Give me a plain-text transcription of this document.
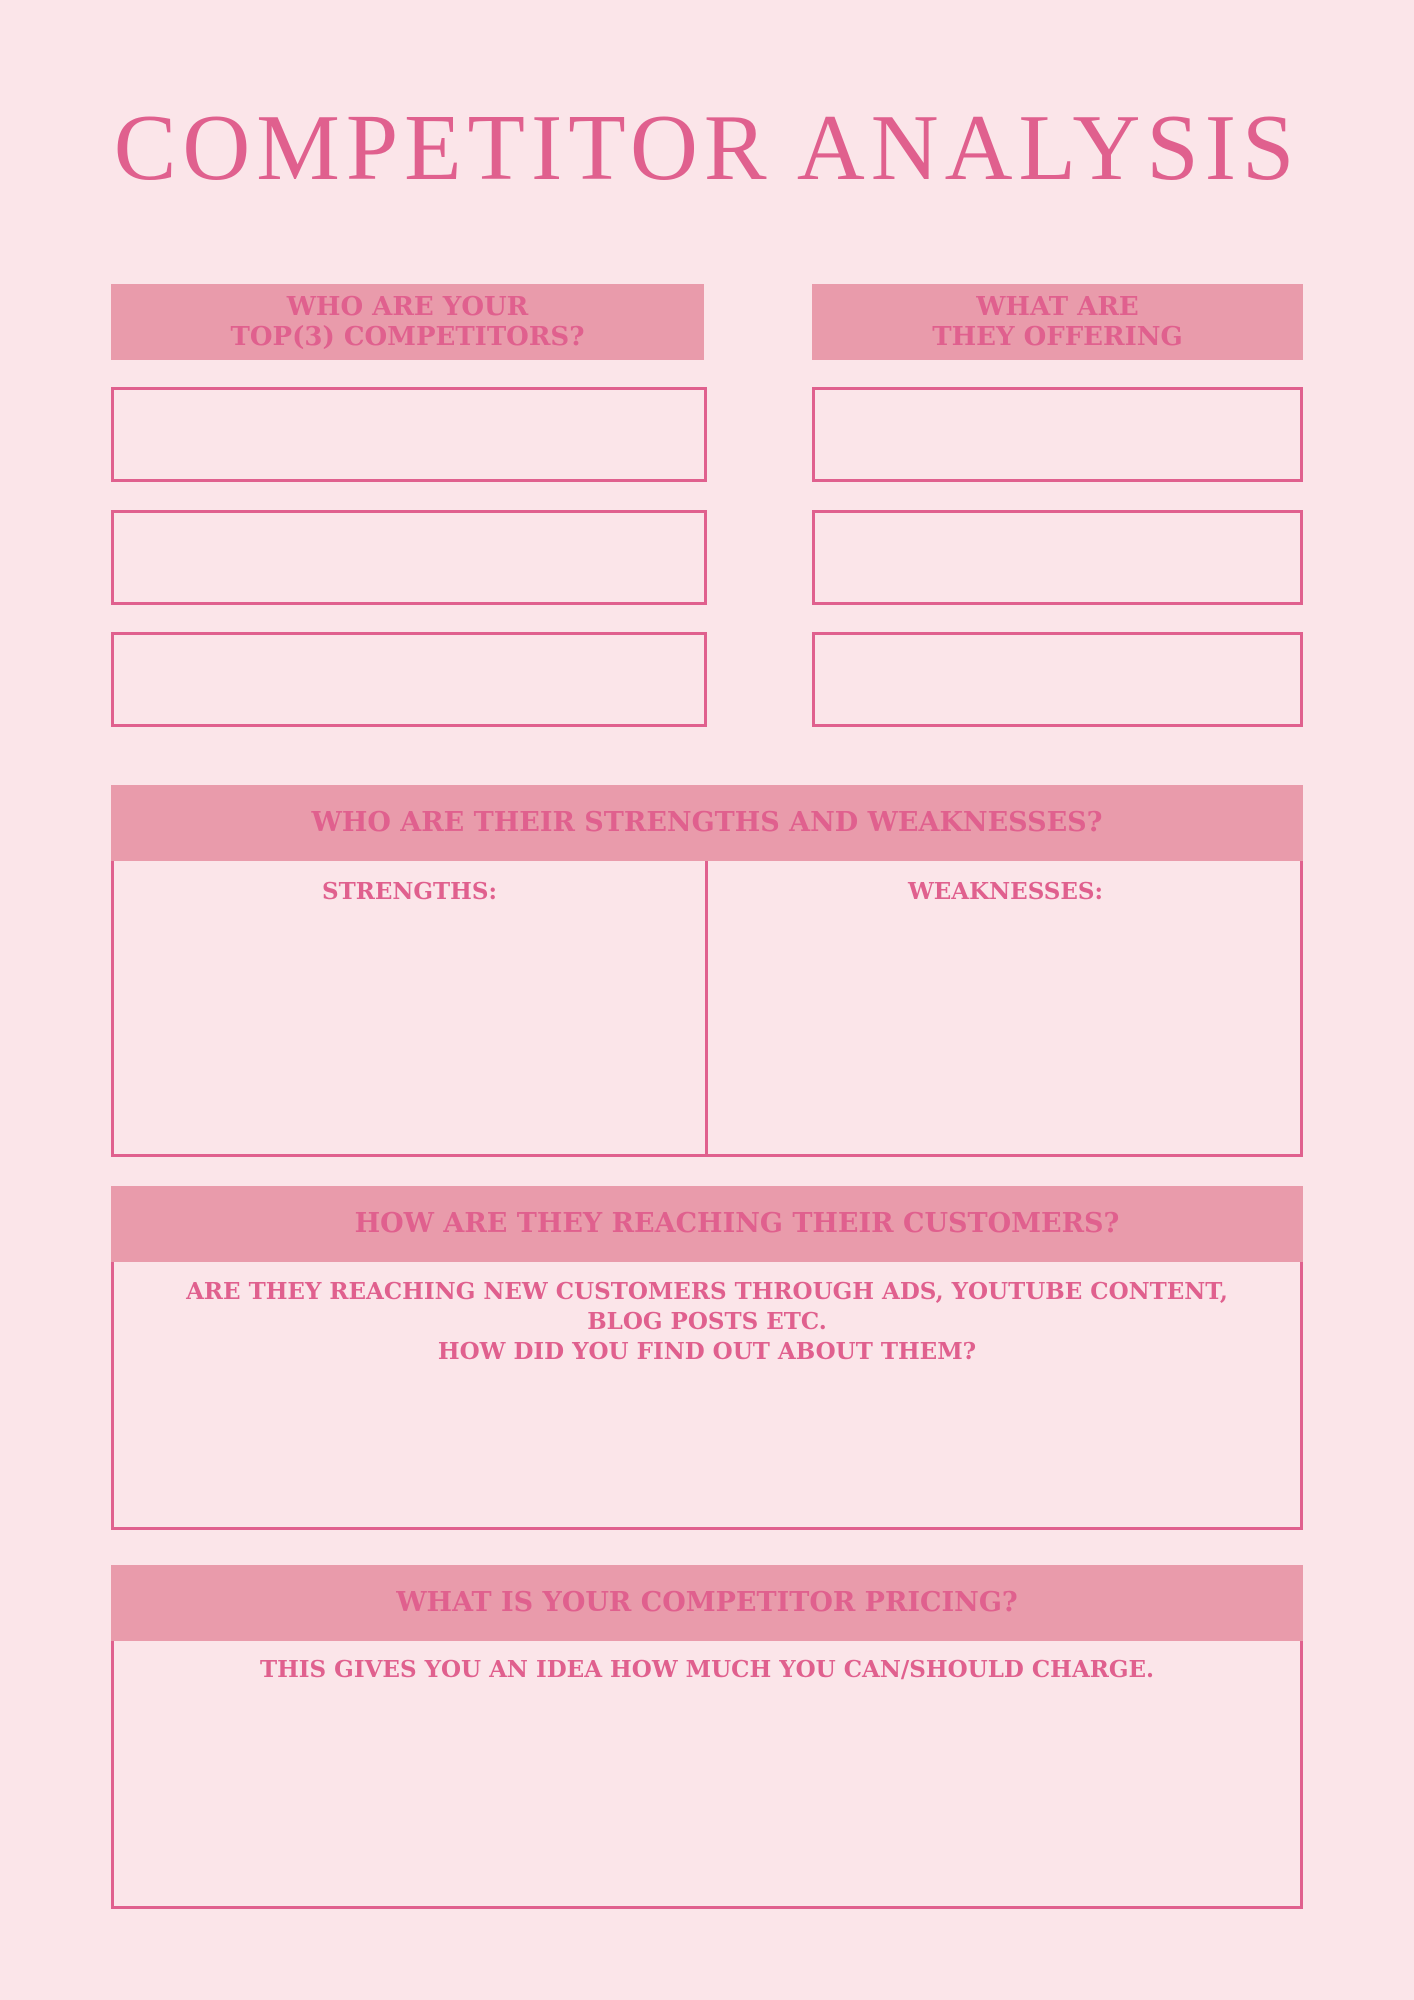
COMPETITOR ANALYSIS
WHO ARE YOUR
TOP(3) COMPETITORS?
WHAT ARE
THEY OFFERING
WHO ARE THEIR STRENGTHS AND WEAKNESSES?
STRENGTHS:	WEAKNESSES:
HOW ARE THEY REACHING THEIR CUSTOMERS?
ARE THEY REACHING NEW CUSTOMERS THROUGH ADS, YOUTUBE CONTENT,
BLOG POSTS ETC.
HOW DID YOU FIND OUT ABOUT THEM?
WHAT IS YOUR COMPETITOR PRICING?
THIS GIVES YOU AN IDEA HOW MUCH YOU CAN/SHOULD CHARGE.
